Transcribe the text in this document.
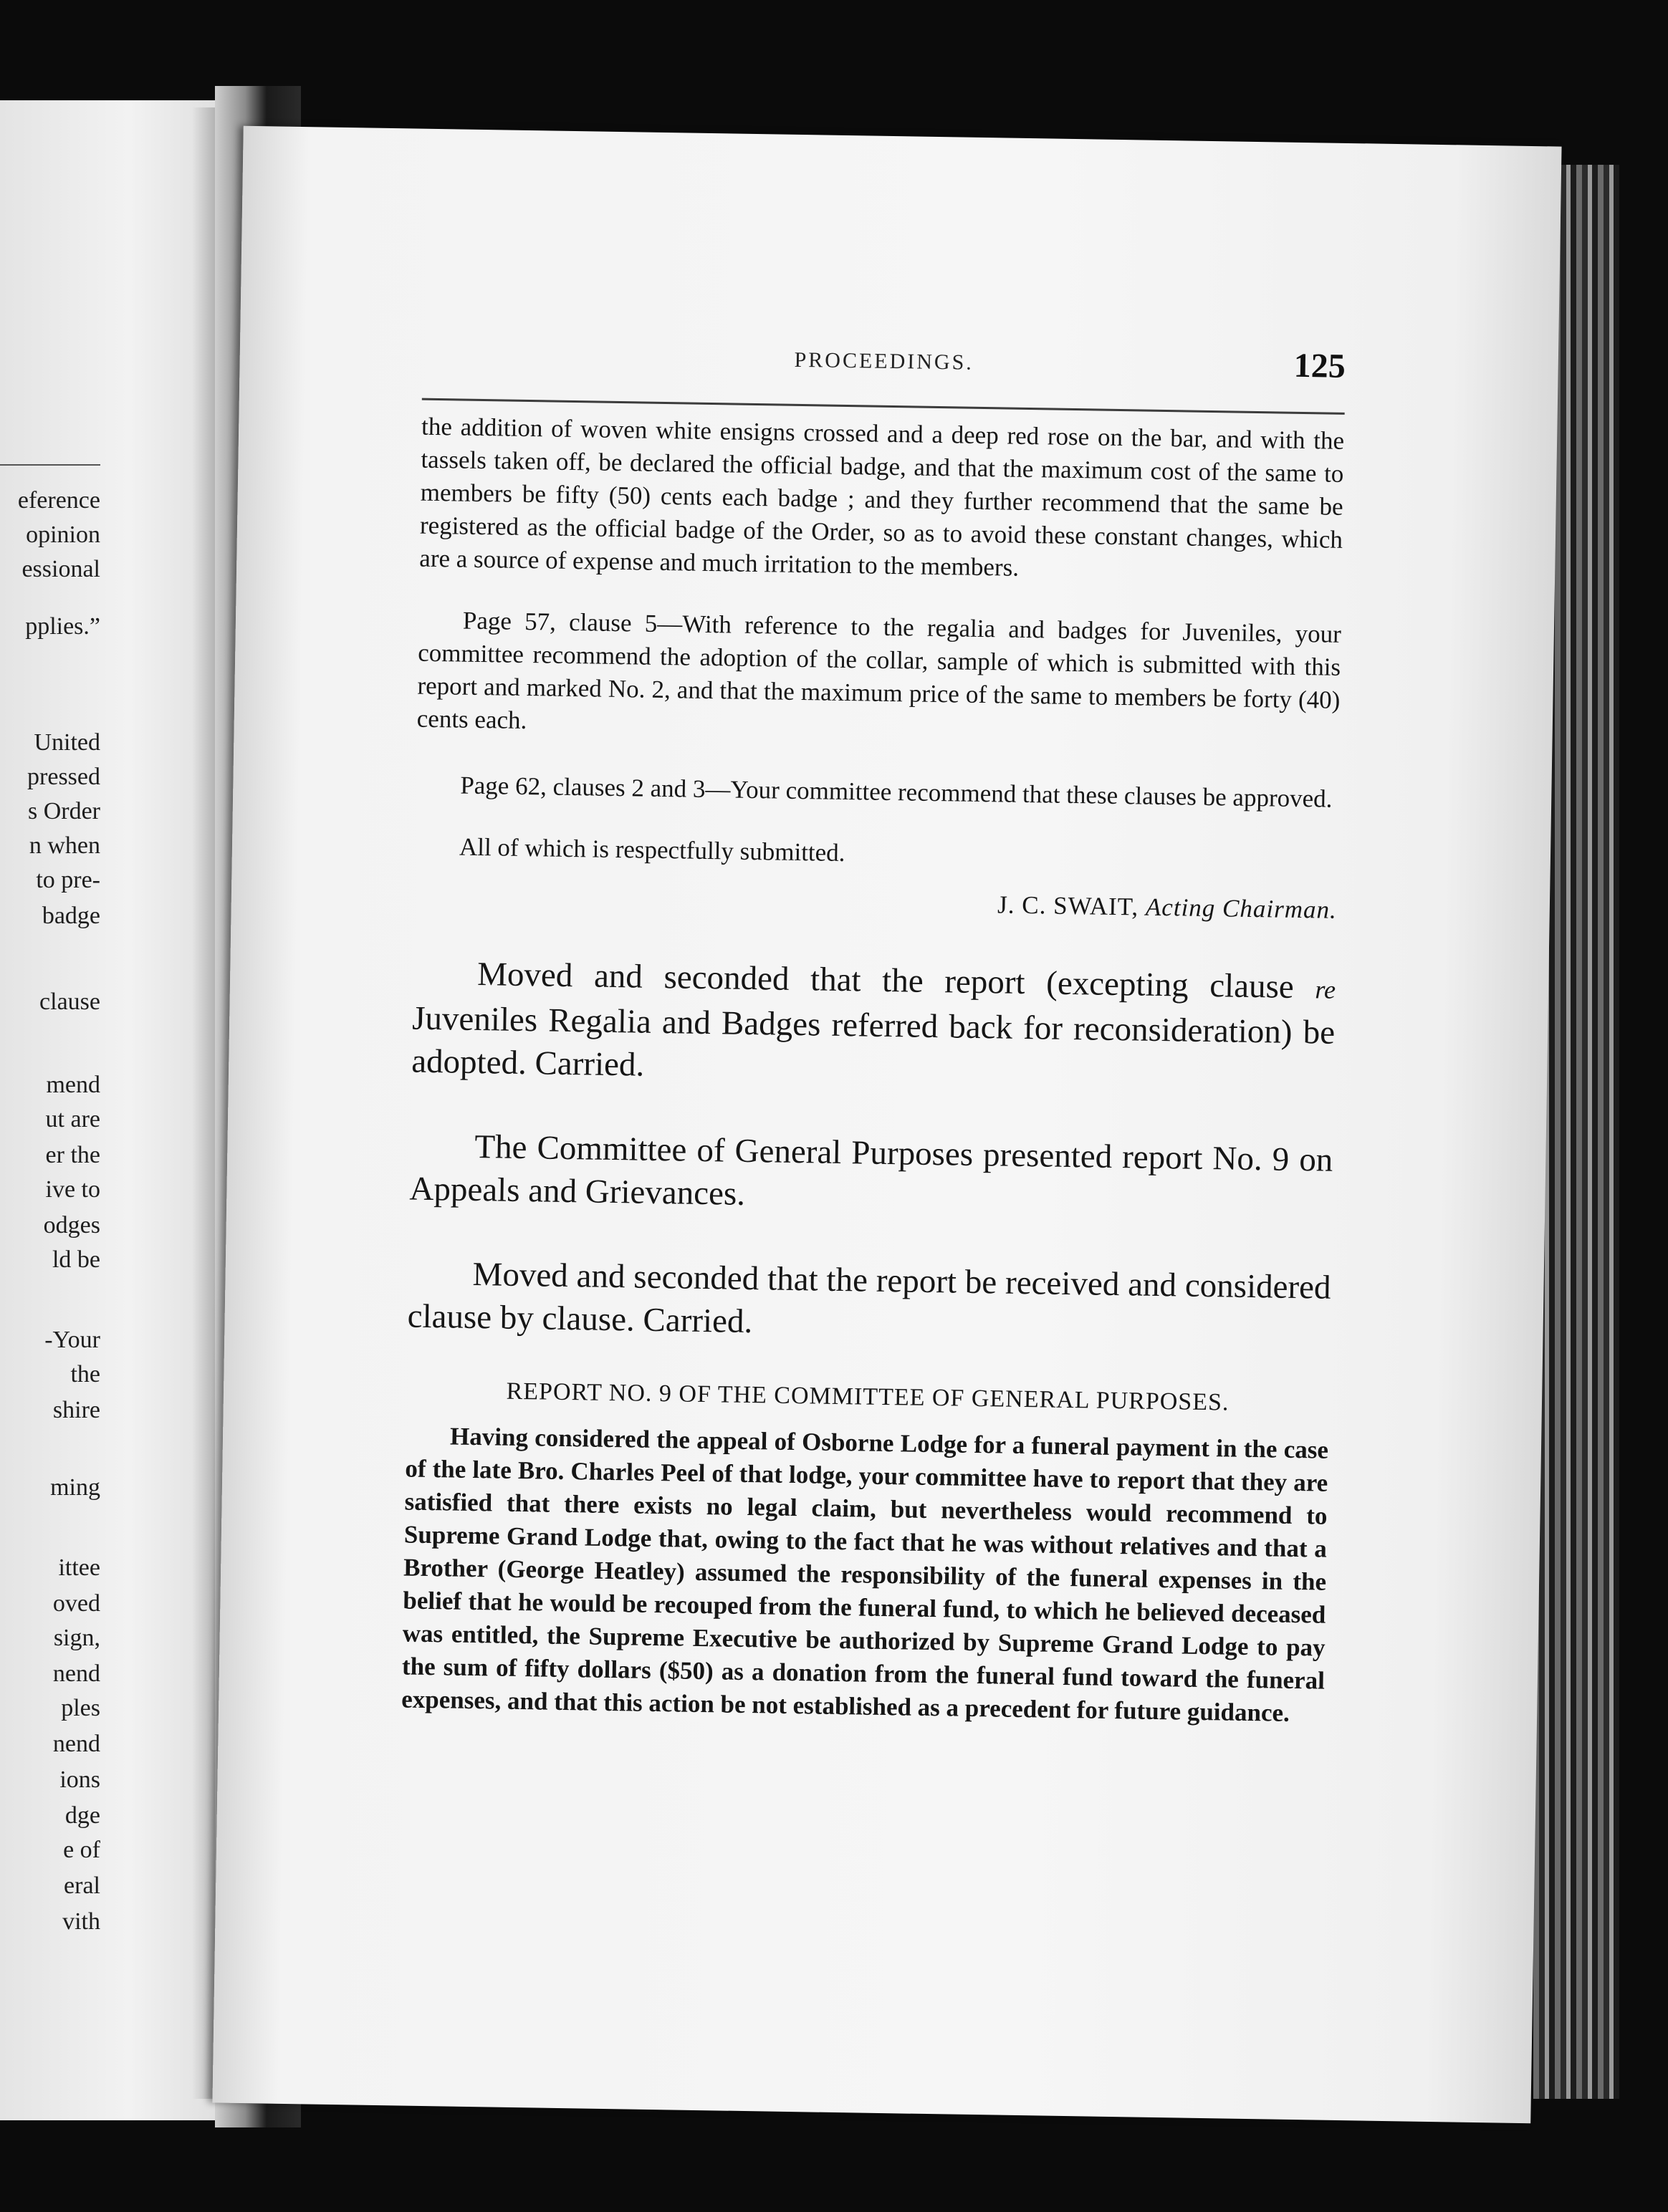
eference
opinion
essional
pplies.”
United
pressed
s Order
n when
to pre-
badge
clause
mend
ut are
er the
ive to
odges
ld be
-Your
the
shire
ming
ittee
oved
sign,
nend
ples
nend
ions
dge
e of
eral
vith
PROCEEDINGS.	125

the addition of woven white ensigns crossed and a deep red rose on the bar, and with the tassels taken off, be declared the official badge, and that the maximum cost of the same to members be fifty (50) cents each badge ; and they further recommend that the same be registered as the official badge of the Order, so as to avoid these constant changes, which are a source of expense and much irritation to the members.

Page 57, clause 5—With reference to the regalia and badges for Juveniles, your committee recommend the adoption of the collar, sample of which is submitted with this report and marked No. 2, and that the maximum price of the same to members be forty (40) cents each.

Page 62, clauses 2 and 3—Your committee recommend that these clauses be approved.

All of which is respectfully submitted.

J. C. SWAIT, Acting Chairman.

Moved and seconded that the report (excepting clause re Juveniles Regalia and Badges referred back for reconsideration) be adopted. Carried.

The Committee of General Purposes presented report No. 9 on Appeals and Grievances.

Moved and seconded that the report be received and considered clause by clause. Carried.

REPORT NO. 9 OF THE COMMITTEE OF GENERAL PURPOSES.

Having considered the appeal of Osborne Lodge for a funeral payment in the case of the late Bro. Charles Peel of that lodge, your committee have to report that they are satisfied that there exists no legal claim, but nevertheless would recommend to Supreme Grand Lodge that, owing to the fact that he was without relatives and that a Brother (George Heatley) assumed the responsibility of the funeral expenses in the belief that he would be recouped from the funeral fund, to which he believed deceased was entitled, the Supreme Executive be authorized by Supreme Grand Lodge to pay the sum of fifty dollars ($50) as a donation from the funeral fund toward the funeral expenses, and that this action be not established as a precedent for future guidance.
